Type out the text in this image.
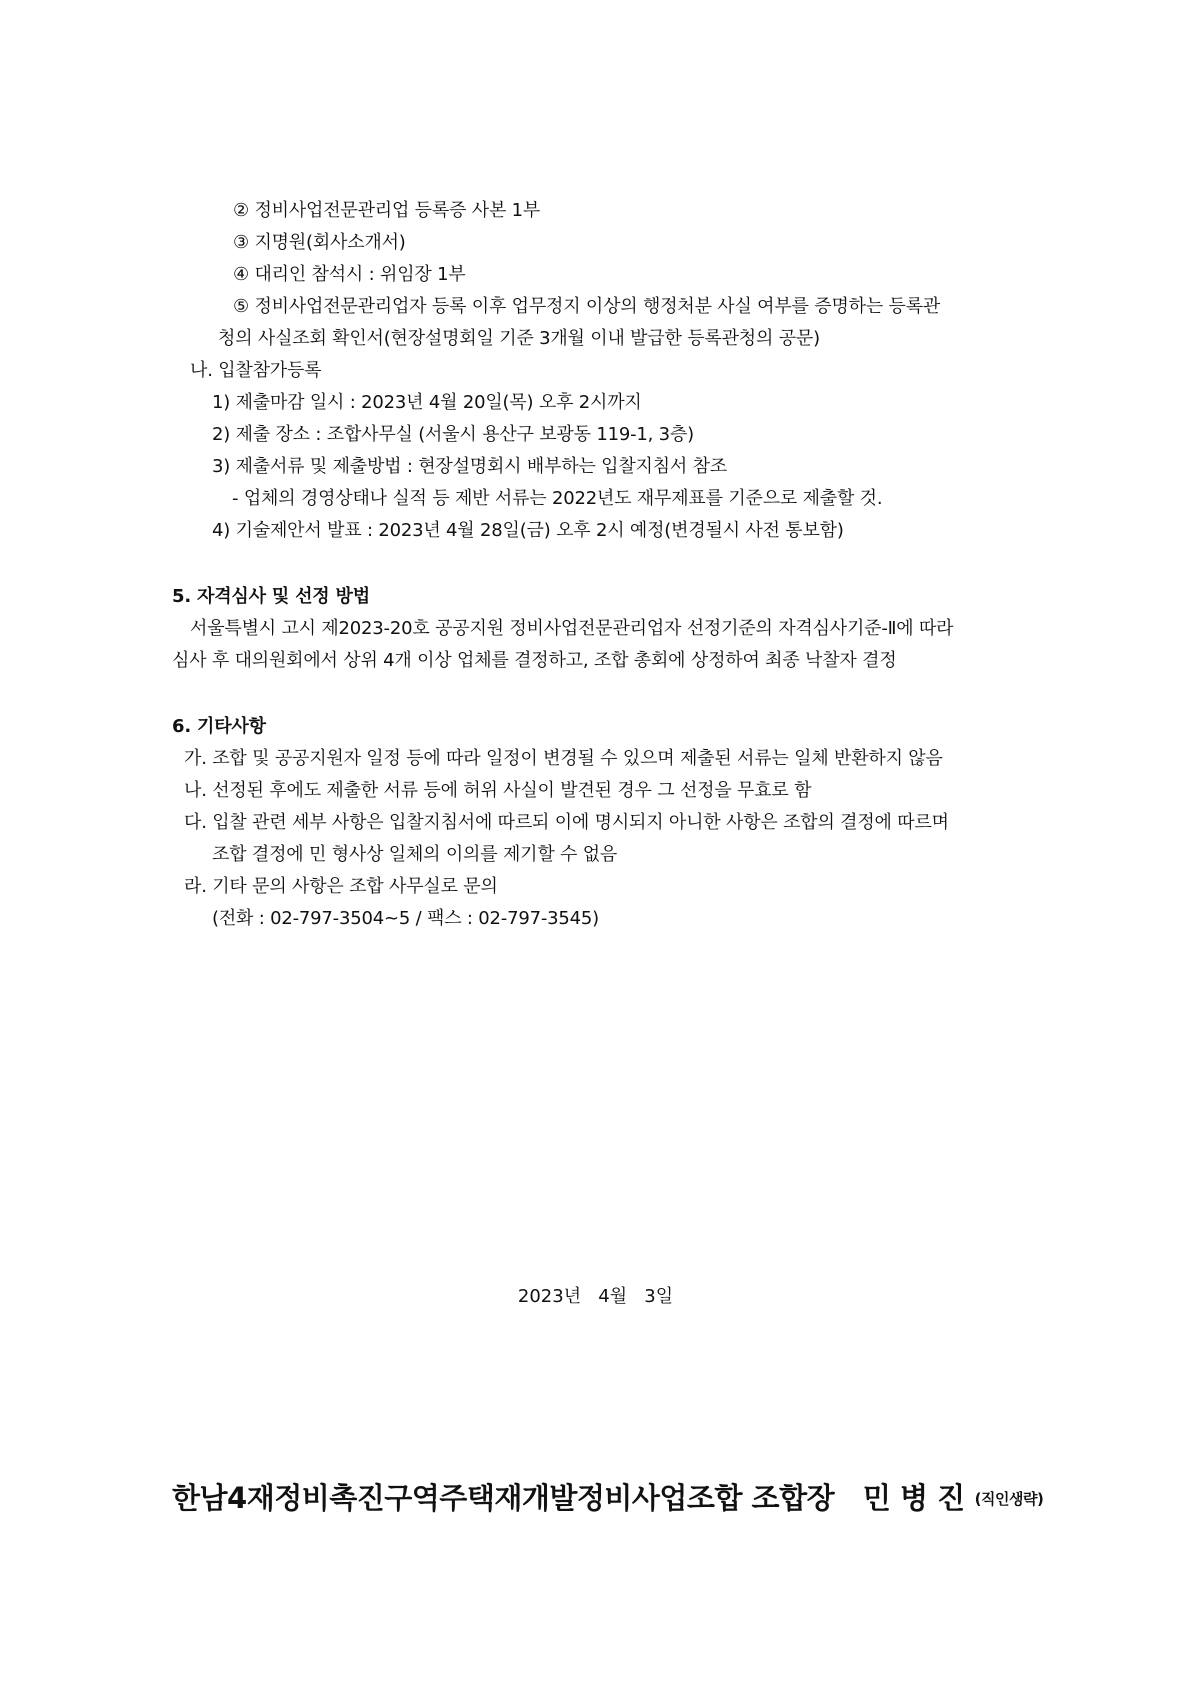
② 정비사업전문관리업 등록증 사본 1부
③ 지명원(회사소개서)
④ 대리인 참석시 : 위임장 1부
⑤ 정비사업전문관리업자 등록 이후 업무정지 이상의 행정처분 사실 여부를 증명하는 등록관
청의 사실조회 확인서(현장설명회일 기준 3개월 이내 발급한 등록관청의 공문)
나. 입찰참가등록
1) 제출마감 일시 : 2023년 4월 20일(목) 오후 2시까지
2) 제출 장소 : 조합사무실 (서울시 용산구 보광동 119-1, 3층)
3) 제출서류 및 제출방법 : 현장설명회시 배부하는 입찰지침서 참조
- 업체의 경영상태나 실적 등 제반 서류는 2022년도 재무제표를 기준으로 제출할 것.
4) 기술제안서 발표 : 2023년 4월 28일(금) 오후 2시 예정(변경될시 사전 통보함)
5. 자격심사 및 선정 방법
서울특별시 고시 제2023-20호 공공지원 정비사업전문관리업자 선정기준의 자격심사기준-Ⅱ에 따라
심사 후 대의원회에서 상위 4개 이상 업체를 결정하고, 조합 총회에 상정하여 최종 낙찰자 결정
6. 기타사항
가. 조합 및 공공지원자 일정 등에 따라 일정이 변경될 수 있으며 제출된 서류는 일체 반환하지 않음
나. 선정된 후에도 제출한 서류 등에 허위 사실이 발견된 경우 그 선정을 무효로 함
다. 입찰 관련 세부 사항은 입찰지침서에 따르되 이에 명시되지 아니한 사항은 조합의 결정에 따르며
조합 결정에 민 형사상 일체의 이의를 제기할 수 없음
라. 기타 문의 사항은 조합 사무실로 문의
(전화 : 02-797-3504~5 / 팩스 : 02-797-3545)
2023년   4월   3일
한남4재정비촉진구역주택재개발정비사업조합 조합장   민 병 진 (직인생략)
